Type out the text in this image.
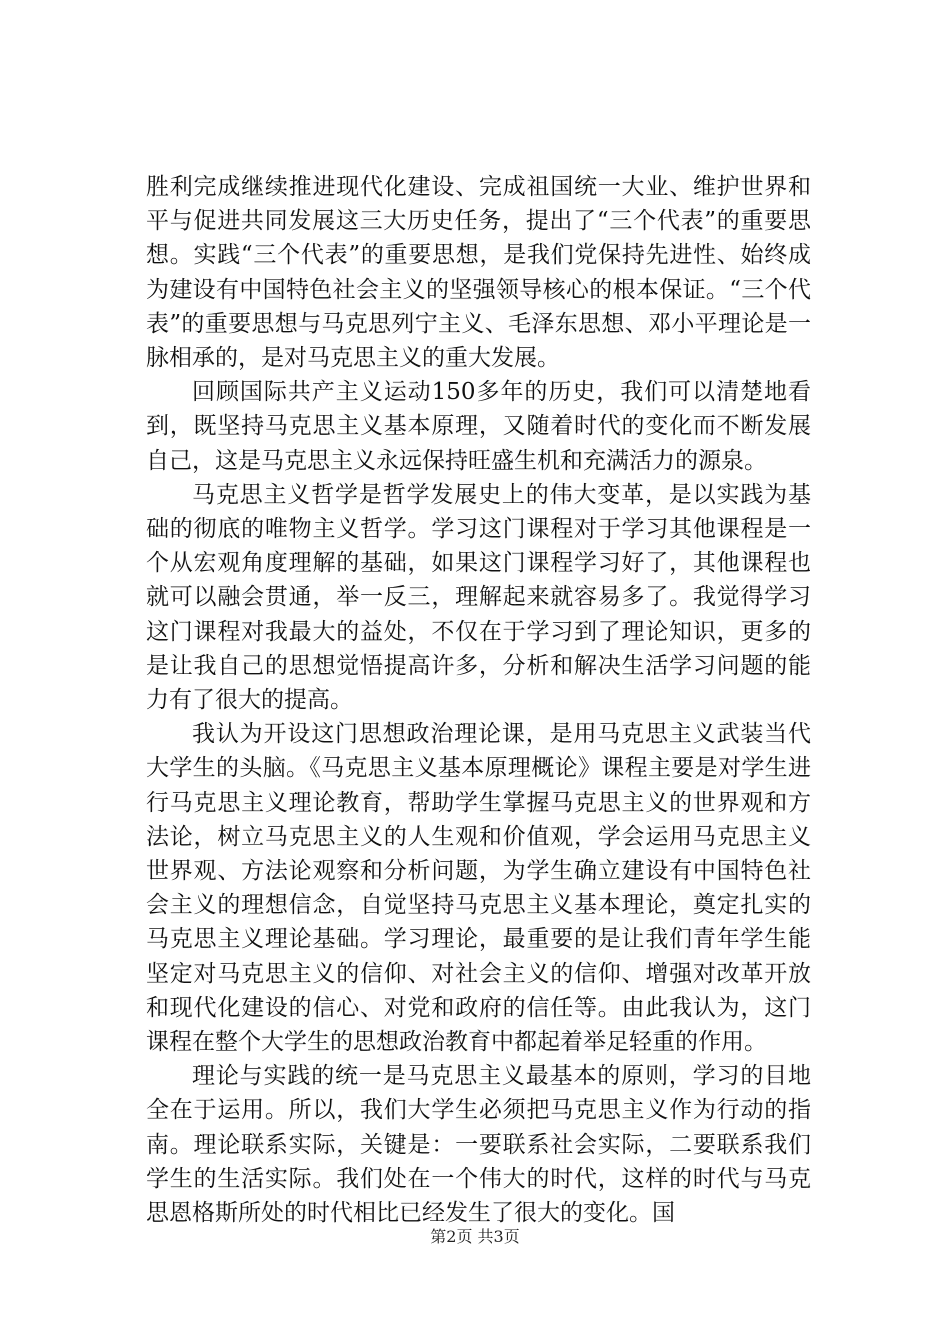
胜利完成继续推进现代化建设、完成祖国统一大业、维护世界和平与促进共同发展这三大历史任务，提出了“三个代表”的重要思想。实践“三个代表”的重要思想，是我们党保持先进性、始终成为建设有中国特色社会主义的坚强领导核心的根本保证。“三个代表”的重要思想与马克思列宁主义、毛泽东思想、邓小平理论是一脉相承的，是对马克思主义的重大发展。

回顾国际共产主义运动150多年的历史，我们可以清楚地看到，既坚持马克思主义基本原理，又随着时代的变化而不断发展自己，这是马克思主义永远保持旺盛生机和充满活力的源泉。

马克思主义哲学是哲学发展史上的伟大变革，是以实践为基础的彻底的唯物主义哲学。学习这门课程对于学习其他课程是一个从宏观角度理解的基础，如果这门课程学习好了，其他课程也就可以融会贯通，举一反三，理解起来就容易多了。我觉得学习这门课程对我最大的益处，不仅在于学习到了理论知识，更多的是让我自己的思想觉悟提高许多，分析和解决生活学习问题的能力有了很大的提高。

我认为开设这门思想政治理论课，是用马克思主义武装当代大学生的头脑。《马克思主义基本原理概论》课程主要是对学生进行马克思主义理论教育，帮助学生掌握马克思主义的世界观和方法论，树立马克思主义的人生观和价值观，学会运用马克思主义世界观、方法论观察和分析问题，为学生确立建设有中国特色社会主义的理想信念，自觉坚持马克思主义基本理论，奠定扎实的马克思主义理论基础。学习理论，最重要的是让我们青年学生能坚定对马克思主义的信仰、对社会主义的信仰、增强对改革开放和现代化建设的信心、对党和政府的信任等。由此我认为，这门课程在整个大学生的思想政治教育中都起着举足轻重的作用。

理论与实践的统一是马克思主义最基本的原则，学习的目地全在于运用。所以，我们大学生必须把马克思主义作为行动的指南。理论联系实际，关键是：一要联系社会实际，二要联系我们学生的生活实际。我们处在一个伟大的时代，这样的时代与马克思恩格斯所处的时代相比已经发生了很大的变化。国

第2页 共3页
